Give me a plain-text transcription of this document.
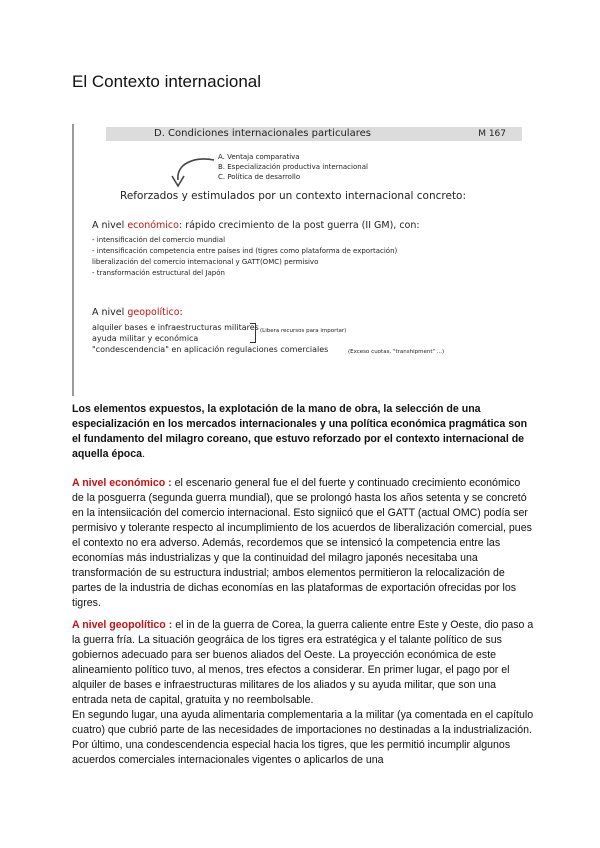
El Contexto internacional
D. Condiciones internacionales particulares	M 167
A. Ventaja comparativa
B. Especialización productiva internacional
C. Política de desarrollo
Reforzados y estimulados por un contexto internacional concreto:
A nivel económico: rápido crecimiento de la post guerra (II GM), con:
- intensificación del comercio mundial
- intensificación competencia entre países ind (tigres como plataforma de exportación)
liberalización del comercio internacional y GATT(OMC) permisivo
- transformación estructural del Japón
A nivel geopolítico:
alquiler bases e infraestructuras militares
ayuda militar y económica
"condescendencia" en aplicación regulaciones comerciales
(Libera recursos para importar)
(Exceso cuotas, "transhipment" ...)

Los elementos expuestos, la explotación de la mano de obra, la selección de una especialización en los mercados internacionales y una política económica pragmática son el fundamento del milagro coreano, que estuvo reforzado por el contexto internacional de aquella época.

A nivel económico : el escenario general fue el del fuerte y continuado crecimiento económico de la posguerra (segunda guerra mundial), que se prolongó hasta los años setenta y se concretó en la intensiicación del comercio internacional. Esto signiicó que el GATT (actual OMC) podía ser permisivo y tolerante respecto al incumplimiento de los acuerdos de liberalización comercial, pues el contexto no era adverso. Además, recordemos que se intensicó la competencia entre las economías más industrializas y que la continuidad del milagro japonés necesitaba una transformación de su estructura industrial; ambos elementos permitieron la relocalización de partes de la industria de dichas economías en las plataformas de exportación ofrecidas por los tigres.

A nivel geopolítico : el in de la guerra de Corea, la guerra caliente entre Este y Oeste, dio paso a la guerra fría. La situación geográica de los tigres era estratégica y el talante político de sus gobiernos adecuado para ser buenos aliados del Oeste. La proyección económica de este alineamiento político tuvo, al menos, tres efectos a considerar. En primer lugar, el pago por el alquiler de bases e infraestructuras militares de los aliados y su ayuda militar, que son una entrada neta de capital, gratuita y no reembolsable.

En segundo lugar, una ayuda alimentaria complementaria a la militar (ya comentada en el capítulo cuatro) que cubrió parte de las necesidades de importaciones no destinadas a la industrialización. Por último, una condescendencia especial hacia los tigres, que les permitió incumplir algunos acuerdos comerciales internacionales vigentes o aplicarlos de una
